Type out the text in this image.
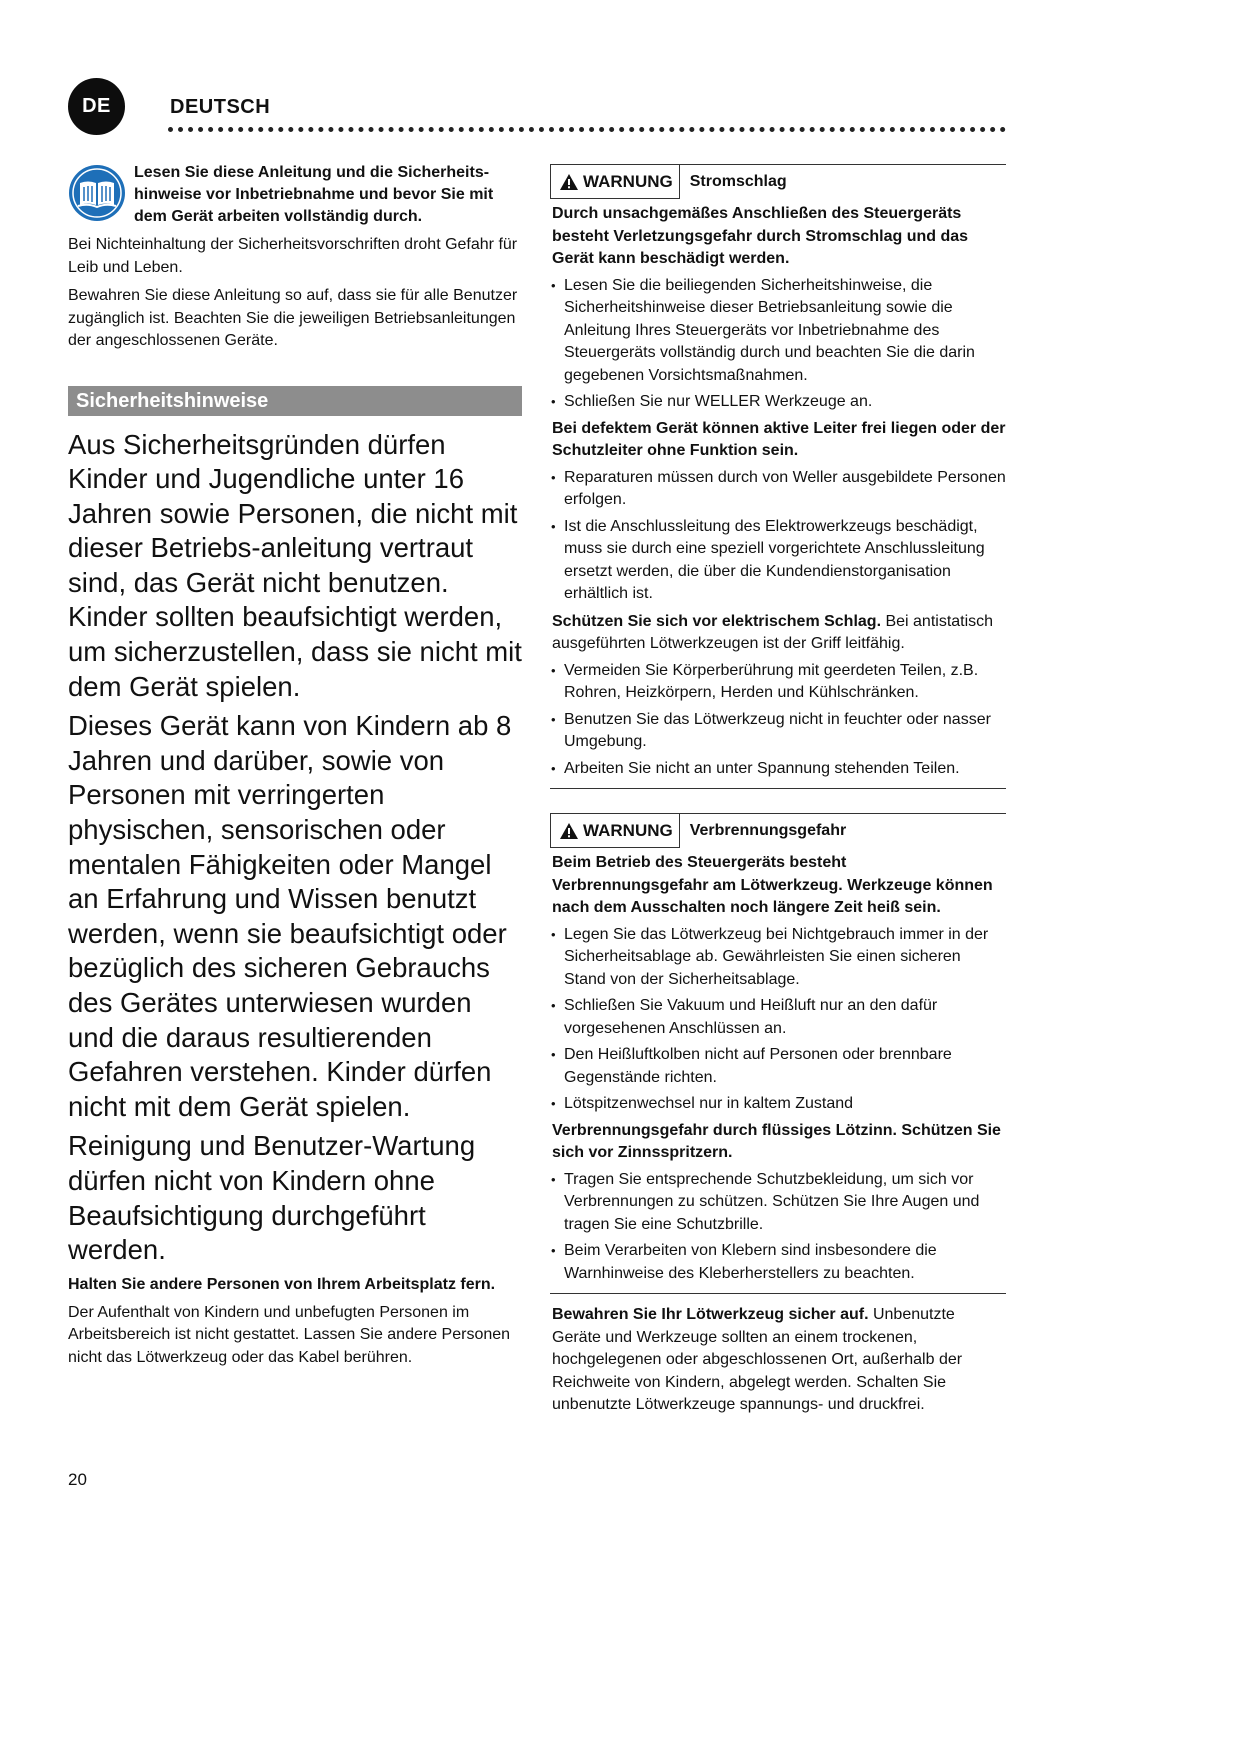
DE	DEUTSCH

Lesen Sie diese Anleitung und die Sicherheits-hinweise vor Inbetriebnahme und bevor Sie mit dem Gerät arbeiten vollständig durch.

Bei Nichteinhaltung der Sicherheitsvorschriften droht Gefahr für Leib und Leben.

Bewahren Sie diese Anleitung so auf, dass sie für alle Benutzer zugänglich ist. Beachten Sie die jeweiligen Betriebsanleitungen der angeschlossenen Geräte.

Sicherheitshinweise

Aus Sicherheitsgründen dürfen Kinder und Jugendliche unter 16 Jahren sowie Personen, die nicht mit dieser Betriebs-anleitung vertraut sind, das Gerät nicht benutzen. Kinder sollten beaufsichtigt werden, um sicherzustellen, dass sie nicht mit dem Gerät spielen.

Dieses Gerät kann von Kindern ab 8 Jahren und darüber, sowie von Personen mit verringerten physischen, sensorischen oder mentalen Fähigkeiten oder Mangel an Erfahrung und Wissen benutzt werden, wenn sie beaufsichtigt oder bezüglich des sicheren Gebrauchs des Gerätes unterwiesen wurden und die daraus resultierenden Gefahren verstehen. Kinder dürfen nicht mit dem Gerät spielen.

Reinigung und Benutzer-Wartung dürfen nicht von Kindern ohne Beaufsichtigung durchgeführt werden.

Halten Sie andere Personen von Ihrem Arbeitsplatz fern.

Der Aufenthalt von Kindern und unbefugten Personen im Arbeitsbereich ist nicht gestattet. Lassen Sie andere Personen nicht das Lötwerkzeug oder das Kabel berühren.

WARNUNG	Stromschlag

Durch unsachgemäßes Anschließen des Steuergeräts besteht Verletzungsgefahr durch Stromschlag und das Gerät kann beschädigt werden.

• Lesen Sie die beiliegenden Sicherheitshinweise, die Sicherheitshinweise dieser Betriebsanleitung sowie die Anleitung Ihres Steuergeräts vor Inbetriebnahme des Steuergeräts vollständig durch und beachten Sie die darin gegebenen Vorsichtsmaßnahmen.
• Schließen Sie nur WELLER Werkzeuge an.

Bei defektem Gerät können aktive Leiter frei liegen oder der Schutzleiter ohne Funktion sein.

• Reparaturen müssen durch von Weller ausgebildete Personen erfolgen.
• Ist die Anschlussleitung des Elektrowerkzeugs beschädigt, muss sie durch eine speziell vorgerichtete Anschlussleitung ersetzt werden, die über die Kundendienstorganisation erhältlich ist.

Schützen Sie sich vor elektrischem Schlag. Bei antistatisch ausgeführten Lötwerkzeugen ist der Griff leitfähig.

• Vermeiden Sie Körperberührung mit geerdeten Teilen, z.B. Rohren, Heizkörpern, Herden und Kühlschränken.
• Benutzen Sie das Lötwerkzeug nicht in feuchter oder nasser Umgebung.
• Arbeiten Sie nicht an unter Spannung stehenden Teilen.
WARNUNG	Verbrennungsgefahr

Beim Betrieb des Steuergeräts besteht Verbrennungsgefahr am Lötwerkzeug. Werkzeuge können nach dem Ausschalten noch längere Zeit heiß sein.

• Legen Sie das Lötwerkzeug bei Nichtgebrauch immer in der Sicherheitsablage ab. Gewährleisten Sie einen sicheren Stand von der Sicherheitsablage.
• Schließen Sie Vakuum und Heißluft nur an den dafür vorgesehenen Anschlüssen an.
• Den Heißluftkolben nicht auf Personen oder brennbare Gegenstände richten.
• Lötspitzenwechsel nur in kaltem Zustand

Verbrennungsgefahr durch flüssiges Lötzinn. Schützen Sie sich vor Zinnsspritzern.

• Tragen Sie entsprechende Schutzbekleidung, um sich vor Verbrennungen zu schützen. Schützen Sie Ihre Augen und tragen Sie eine Schutzbrille.
• Beim Verarbeiten von Klebern sind insbesondere die Warnhinweise des Kleberherstellers zu beachten.

Bewahren Sie Ihr Lötwerkzeug sicher auf. Unbenutzte Geräte und Werkzeuge sollten an einem trockenen, hochgelegenen oder abgeschlossenen Ort, außerhalb der Reichweite von Kindern, abgelegt werden. Schalten Sie unbenutzte Lötwerkzeuge spannungs- und druckfrei.

20
